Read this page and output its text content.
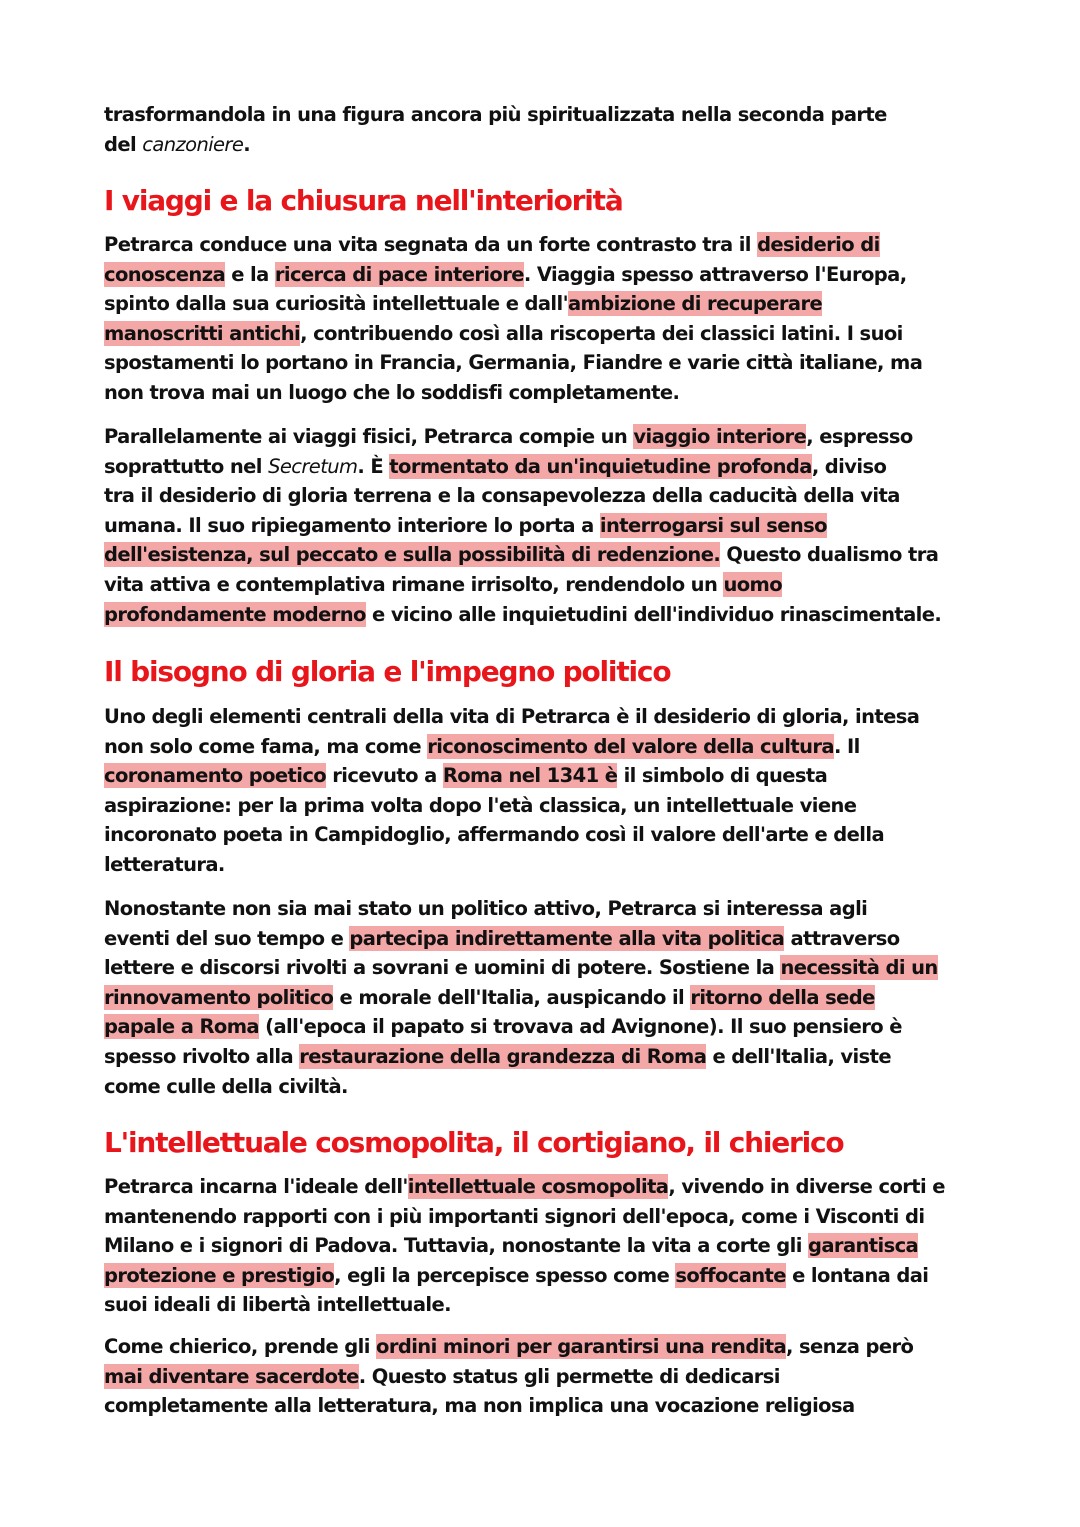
trasformandola in una figura ancora più spiritualizzata nella seconda parte
del canzoniere.
I viaggi e la chiusura nell'interiorità
Petrarca conduce una vita segnata da un forte contrasto tra il desiderio di
conoscenza e la ricerca di pace interiore. Viaggia spesso attraverso l'Europa,
spinto dalla sua curiosità intellettuale e dall'ambizione di recuperare
manoscritti antichi, contribuendo così alla riscoperta dei classici latini. I suoi
spostamenti lo portano in Francia, Germania, Fiandre e varie città italiane, ma
non trova mai un luogo che lo soddisfi completamente.
Parallelamente ai viaggi fisici, Petrarca compie un viaggio interiore, espresso
soprattutto nel Secretum. È tormentato da un'inquietudine profonda, diviso
tra il desiderio di gloria terrena e la consapevolezza della caducità della vita
umana. Il suo ripiegamento interiore lo porta a interrogarsi sul senso
dell'esistenza, sul peccato e sulla possibilità di redenzione. Questo dualismo tra
vita attiva e contemplativa rimane irrisolto, rendendolo un uomo
profondamente moderno e vicino alle inquietudini dell'individuo rinascimentale.
Il bisogno di gloria e l'impegno politico
Uno degli elementi centrali della vita di Petrarca è il desiderio di gloria, intesa
non solo come fama, ma come riconoscimento del valore della cultura. Il
coronamento poetico ricevuto a Roma nel 1341 è il simbolo di questa
aspirazione: per la prima volta dopo l'età classica, un intellettuale viene
incoronato poeta in Campidoglio, affermando così il valore dell'arte e della
letteratura.
Nonostante non sia mai stato un politico attivo, Petrarca si interessa agli
eventi del suo tempo e partecipa indirettamente alla vita politica attraverso
lettere e discorsi rivolti a sovrani e uomini di potere. Sostiene la necessità di un
rinnovamento politico e morale dell'Italia, auspicando il ritorno della sede
papale a Roma (all'epoca il papato si trovava ad Avignone). Il suo pensiero è
spesso rivolto alla restaurazione della grandezza di Roma e dell'Italia, viste
come culle della civiltà.
L'intellettuale cosmopolita, il cortigiano, il chierico
Petrarca incarna l'ideale dell'intellettuale cosmopolita, vivendo in diverse corti e
mantenendo rapporti con i più importanti signori dell'epoca, come i Visconti di
Milano e i signori di Padova. Tuttavia, nonostante la vita a corte gli garantisca
protezione e prestigio, egli la percepisce spesso come soffocante e lontana dai
suoi ideali di libertà intellettuale.
Come chierico, prende gli ordini minori per garantirsi una rendita, senza però
mai diventare sacerdote. Questo status gli permette di dedicarsi
completamente alla letteratura, ma non implica una vocazione religiosa
